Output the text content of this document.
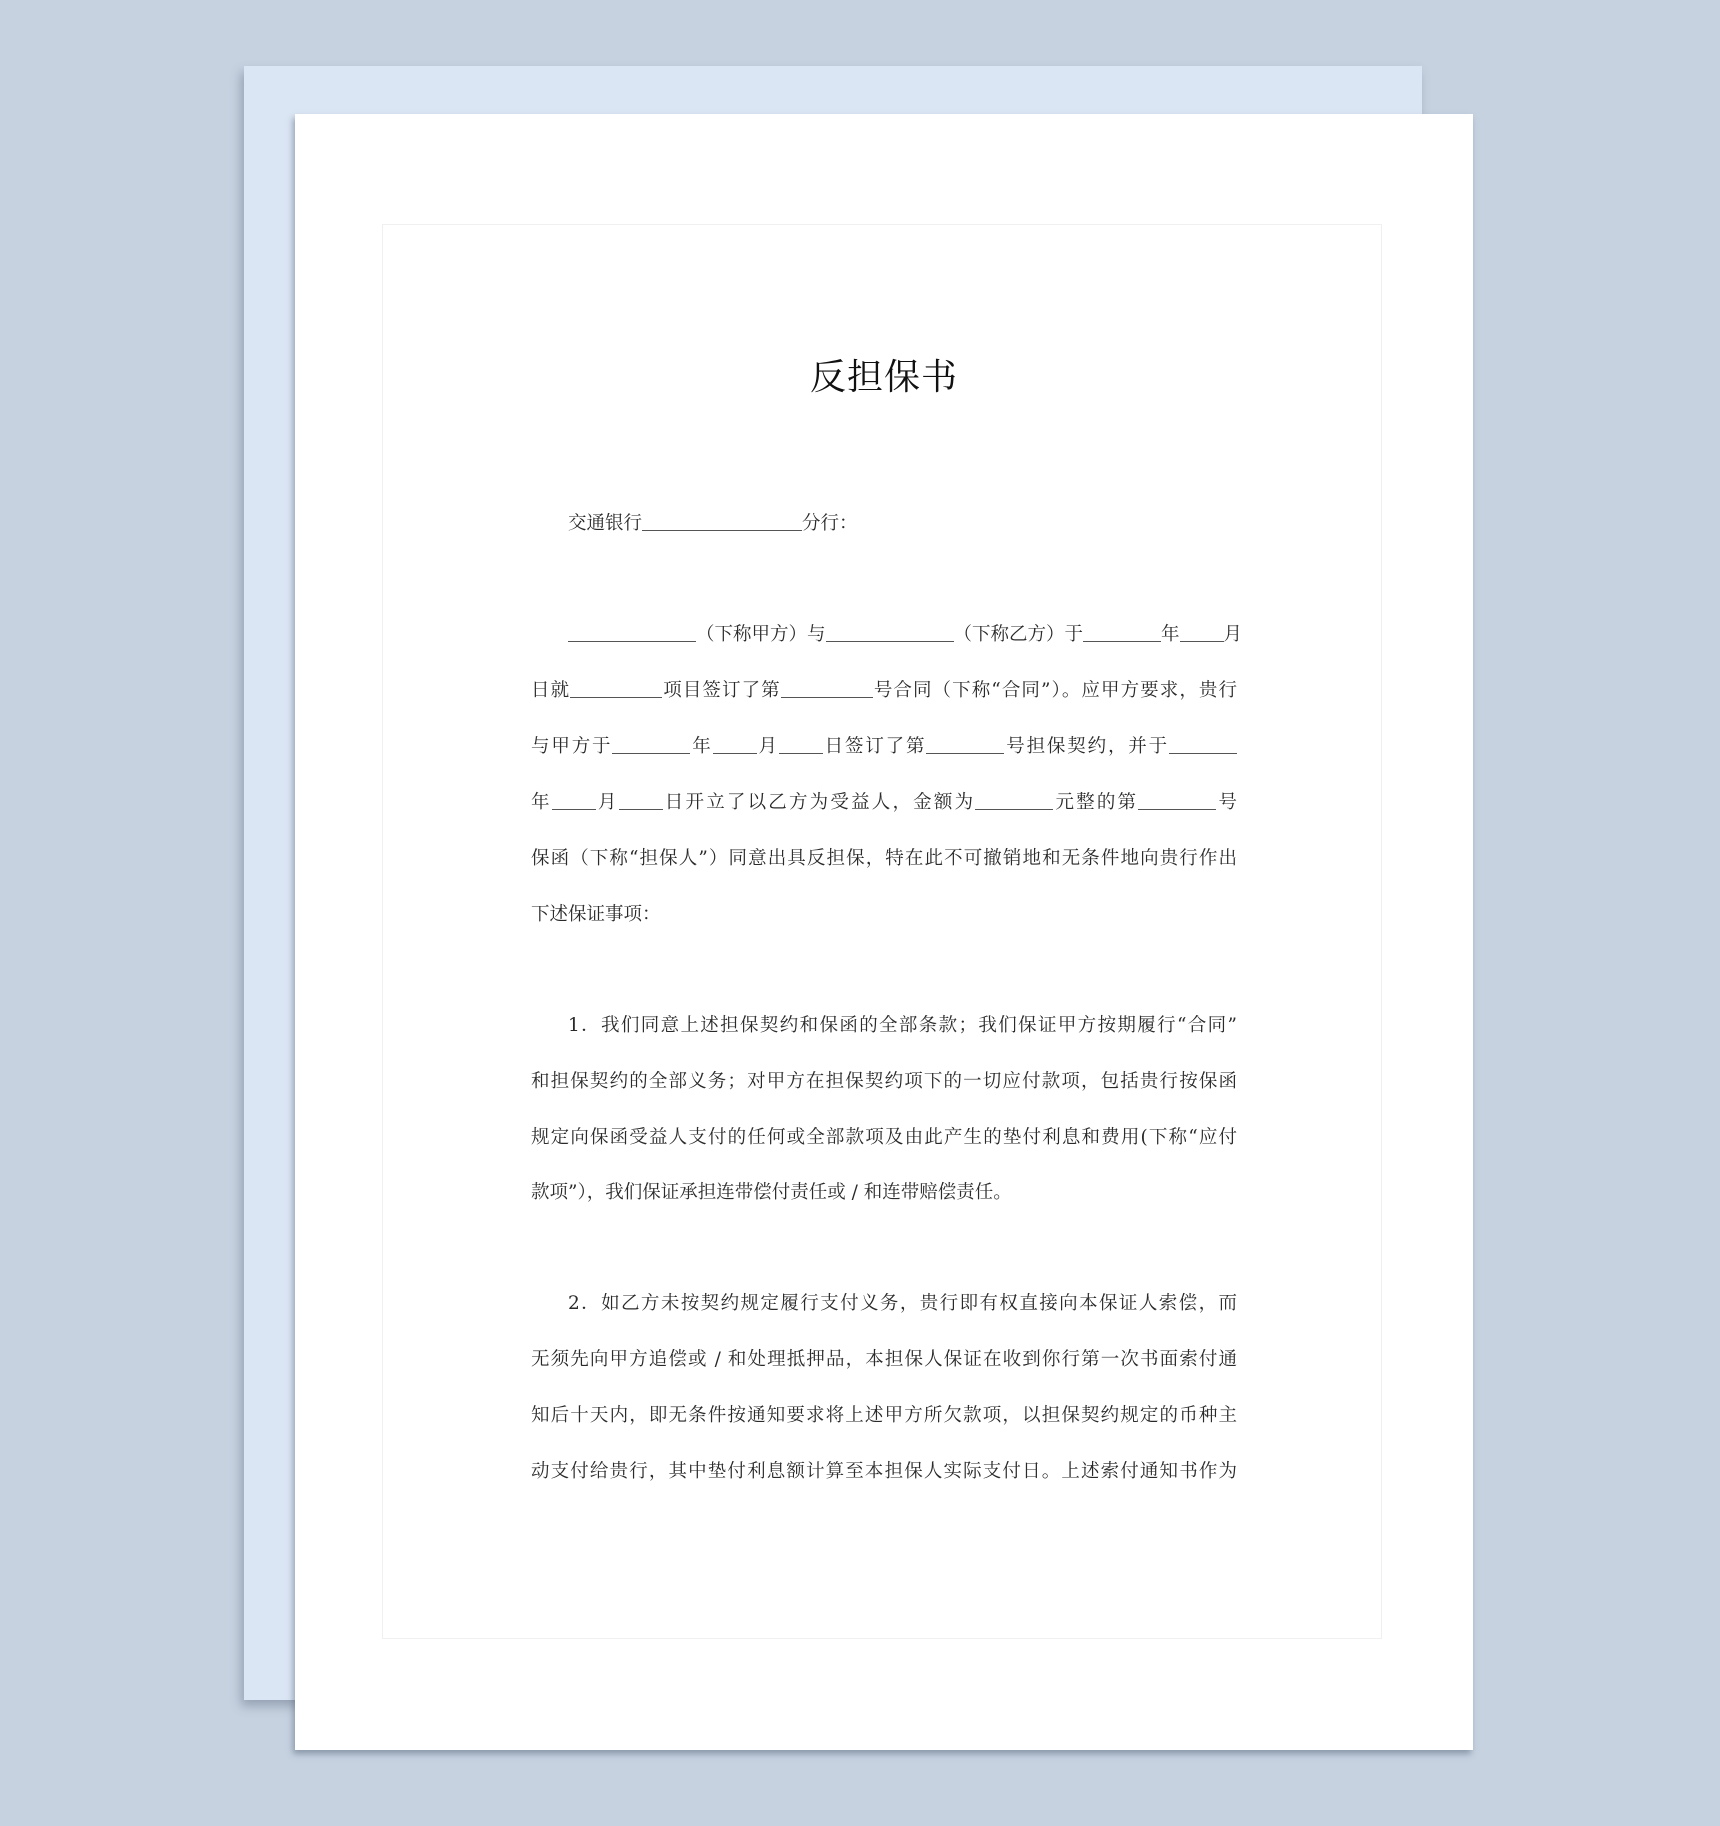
反担保书
交通银行	分行：
（下称甲方）与	（下称乙方）于	年 月
日就	项目签订了第	号合同（下称“合同”）。应甲方要求，贵行
与甲方于	年 月 日签订了第	号担保契约，并于
年 月 日开立了以乙方为受益人，金额为	元整的第	号
保函（下称“担保人”）同意出具反担保，特在此不可撤销地和无条件地向贵行作出
下述保证事项：
1．我们同意上述担保契约和保函的全部条款；我们保证甲方按期履行“合同”
和担保契约的全部义务；对甲方在担保契约项下的一切应付款项，包括贵行按保函
规定向保函受益人支付的任何或全部款项及由此产生的垫付利息和费用(下称“应付
款项”），我们保证承担连带偿付责任或 / 和连带赔偿责任。
2．如乙方未按契约规定履行支付义务，贵行即有权直接向本保证人索偿，而
无须先向甲方追偿或 / 和处理抵押品，本担保人保证在收到你行第一次书面索付通
知后十天内，即无条件按通知要求将上述甲方所欠款项，以担保契约规定的币种主
动支付给贵行，其中垫付利息额计算至本担保人实际支付日。上述索付通知书作为
